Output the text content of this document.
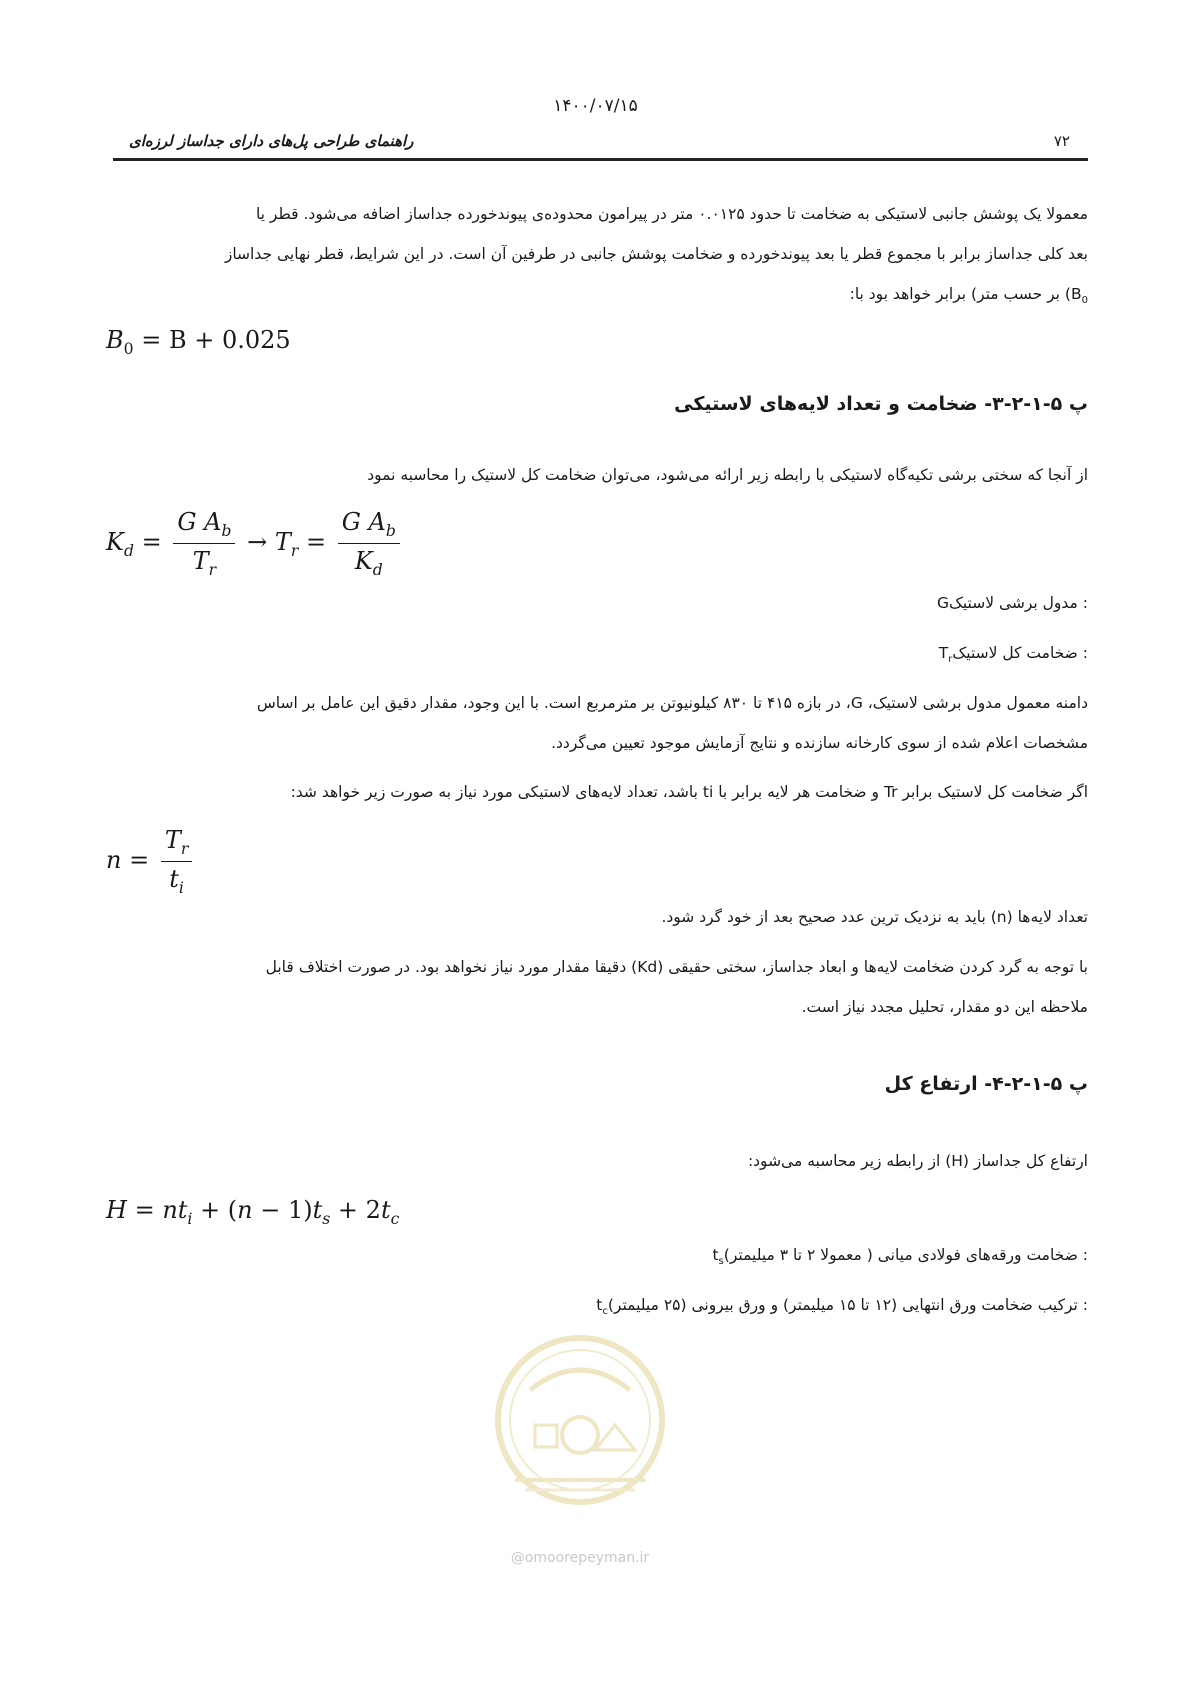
۱۴۰۰/۰۷/۱۵
راهنمای طراحی پل‌های دارای جداساز لرزه‌ای	۷۲

معمولا یک پوشش جانبی لاستیکی به ضخامت تا حدود ۰.۰۱۲۵ متر در پیرامون محدوده‌ی پیوندخورده جداساز اضافه می‌شود. قطر یا

بعد کلی جداساز برابر با مجموع قطر یا بعد پیوندخورده و ضخامت پوشش جانبی در طرفین آن است. در این شرایط، قطر نهایی جداساز

($B_0$ بر حسب متر) برابر خواهد بود با:

$B_0 = B + 0.025$
پ ۵-۱-۲-۳- ضخامت و تعداد لایه‌های لاستیکی

از آنجا که سختی برشی تکیه‌گاه لاستیکی با رابطه زیر ارائه می‌شود، می‌توان ضخامت کل لاستیک را محاسبه نمود

$K_d = \frac{G A_b}{T_r} \to T_r = \frac{G A_b}{K_d}$

: مدول برشی لاستیکG

: ضخامت کل لاستیکT$_r$

دامنه معمول مدول برشی لاستیک، G، در بازه ۴۱۵ تا ۸۳۰ کیلونیوتن بر مترمربع است. با این وجود، مقدار دقیق این عامل بر اساس

مشخصات اعلام شده از سوی کارخانه سازنده و نتایج آزمایش موجود تعیین می‌گردد.

اگر ضخامت کل لاستیک برابر Tr و ضخامت هر لایه برابر با ti باشد، تعداد لایه‌های لاستیکی مورد نیاز به صورت زیر خواهد شد:

$n = \frac{T_r}{t_i}$

تعداد لایه‌ها (n) باید به نزدیک ترین عدد صحیح بعد از خود گرد شود.

با توجه به گرد کردن ضخامت لایه‌ها و ابعاد جداساز، سختی حقیقی (Kd) دقیقا مقدار مورد نیاز نخواهد بود. در صورت اختلاف قابل

ملاحظه این دو مقدار، تحلیل مجدد نیاز است.

پ ۵-۱-۲-۴- ارتفاع کل

ارتفاع کل جداساز (H) از رابطه زیر محاسبه می‌شود:

$H = nt_i + (n - 1)t_s + 2t_c$

: ضخامت ورقه‌های فولادی میانی ( معمولا ۲ تا ۳ $میلیمتر)t_s$

: ترکیب ضخامت ورق انتهایی (۱۲ تا ۱۵ میلیمتر) و ورق بیرونی (۲۵ $میلیمتر)t_c$

@omoorepeyman.ir
